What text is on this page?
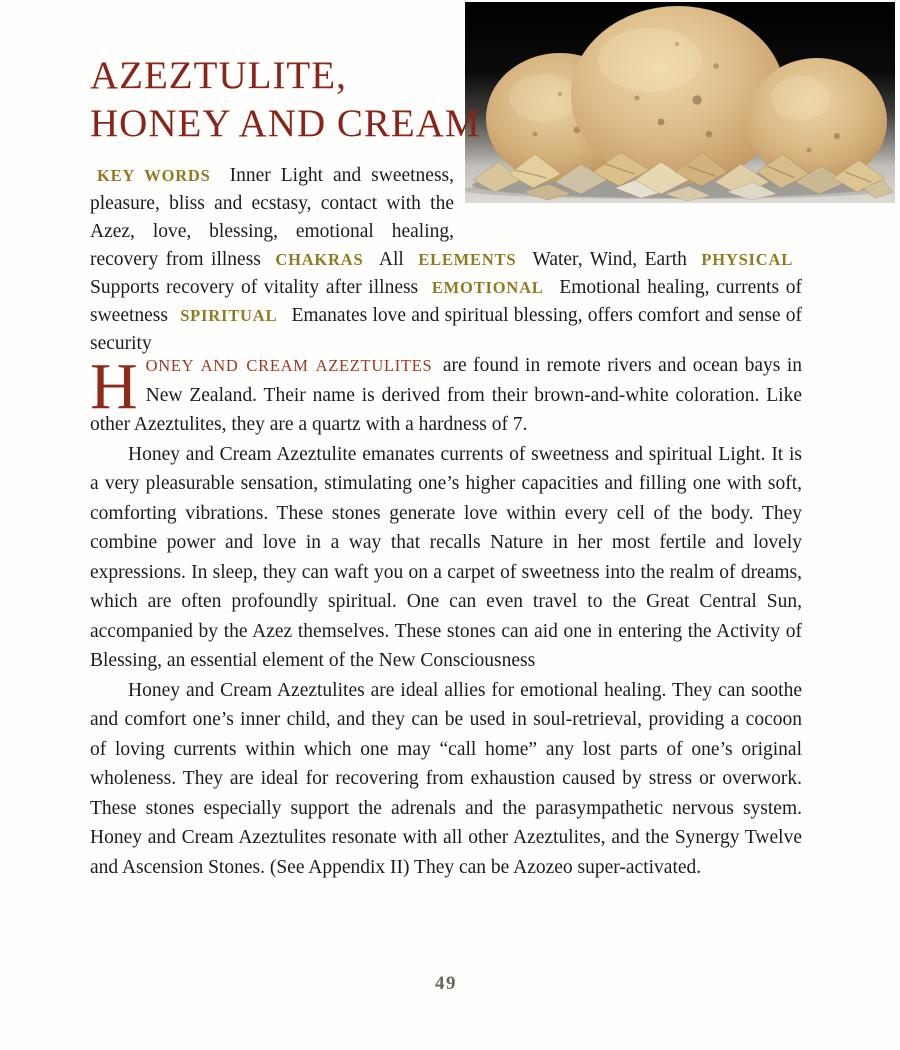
AZEZTULITE,
HONEY AND CREAM

KEY WORDS Inner Light and sweetness, pleasure, bliss and ecstasy, contact with the Azez, love, blessing, emotional healing, recovery from illness CHAKRAS All ELEMENTS Water, Wind, Earth PHYSICAL Supports recovery of vitality after illness EMOTIONAL Emotional healing, currents of sweetness SPIRITUAL Emanates love and spiritual blessing, offers comfort and sense of security

H ONEY AND CREAM AZEZTULITES are found in remote rivers and ocean bays in New Zealand. Their name is derived from their brown-and-white coloration. Like other Azeztulites, they are a quartz with a hardness of 7.

Honey and Cream Azeztulite emanates currents of sweetness and spiritual Light. It is a very pleasurable sensation, stimulating one’s higher capacities and filling one with soft, comforting vibrations. These stones generate love within every cell of the body. They combine power and love in a way that recalls Nature in her most fertile and lovely expressions. In sleep, they can waft you on a carpet of sweetness into the realm of dreams, which are often profoundly spiritual. One can even travel to the Great Central Sun, accompanied by the Azez themselves. These stones can aid one in entering the Activity of Blessing, an essential element of the New Consciousness

Honey and Cream Azeztulites are ideal allies for emotional healing. They can soothe and comfort one’s inner child, and they can be used in soul-retrieval, providing a cocoon of loving currents within which one may “call home” any lost parts of one’s original wholeness. They are ideal for recovering from exhaustion caused by stress or overwork. These stones especially support the adrenals and the parasympathetic nervous system. Honey and Cream Azeztulites resonate with all other Azeztulites, and the Synergy Twelve and Ascension Stones. (See Appendix II) They can be Azozeo super-activated.

49
